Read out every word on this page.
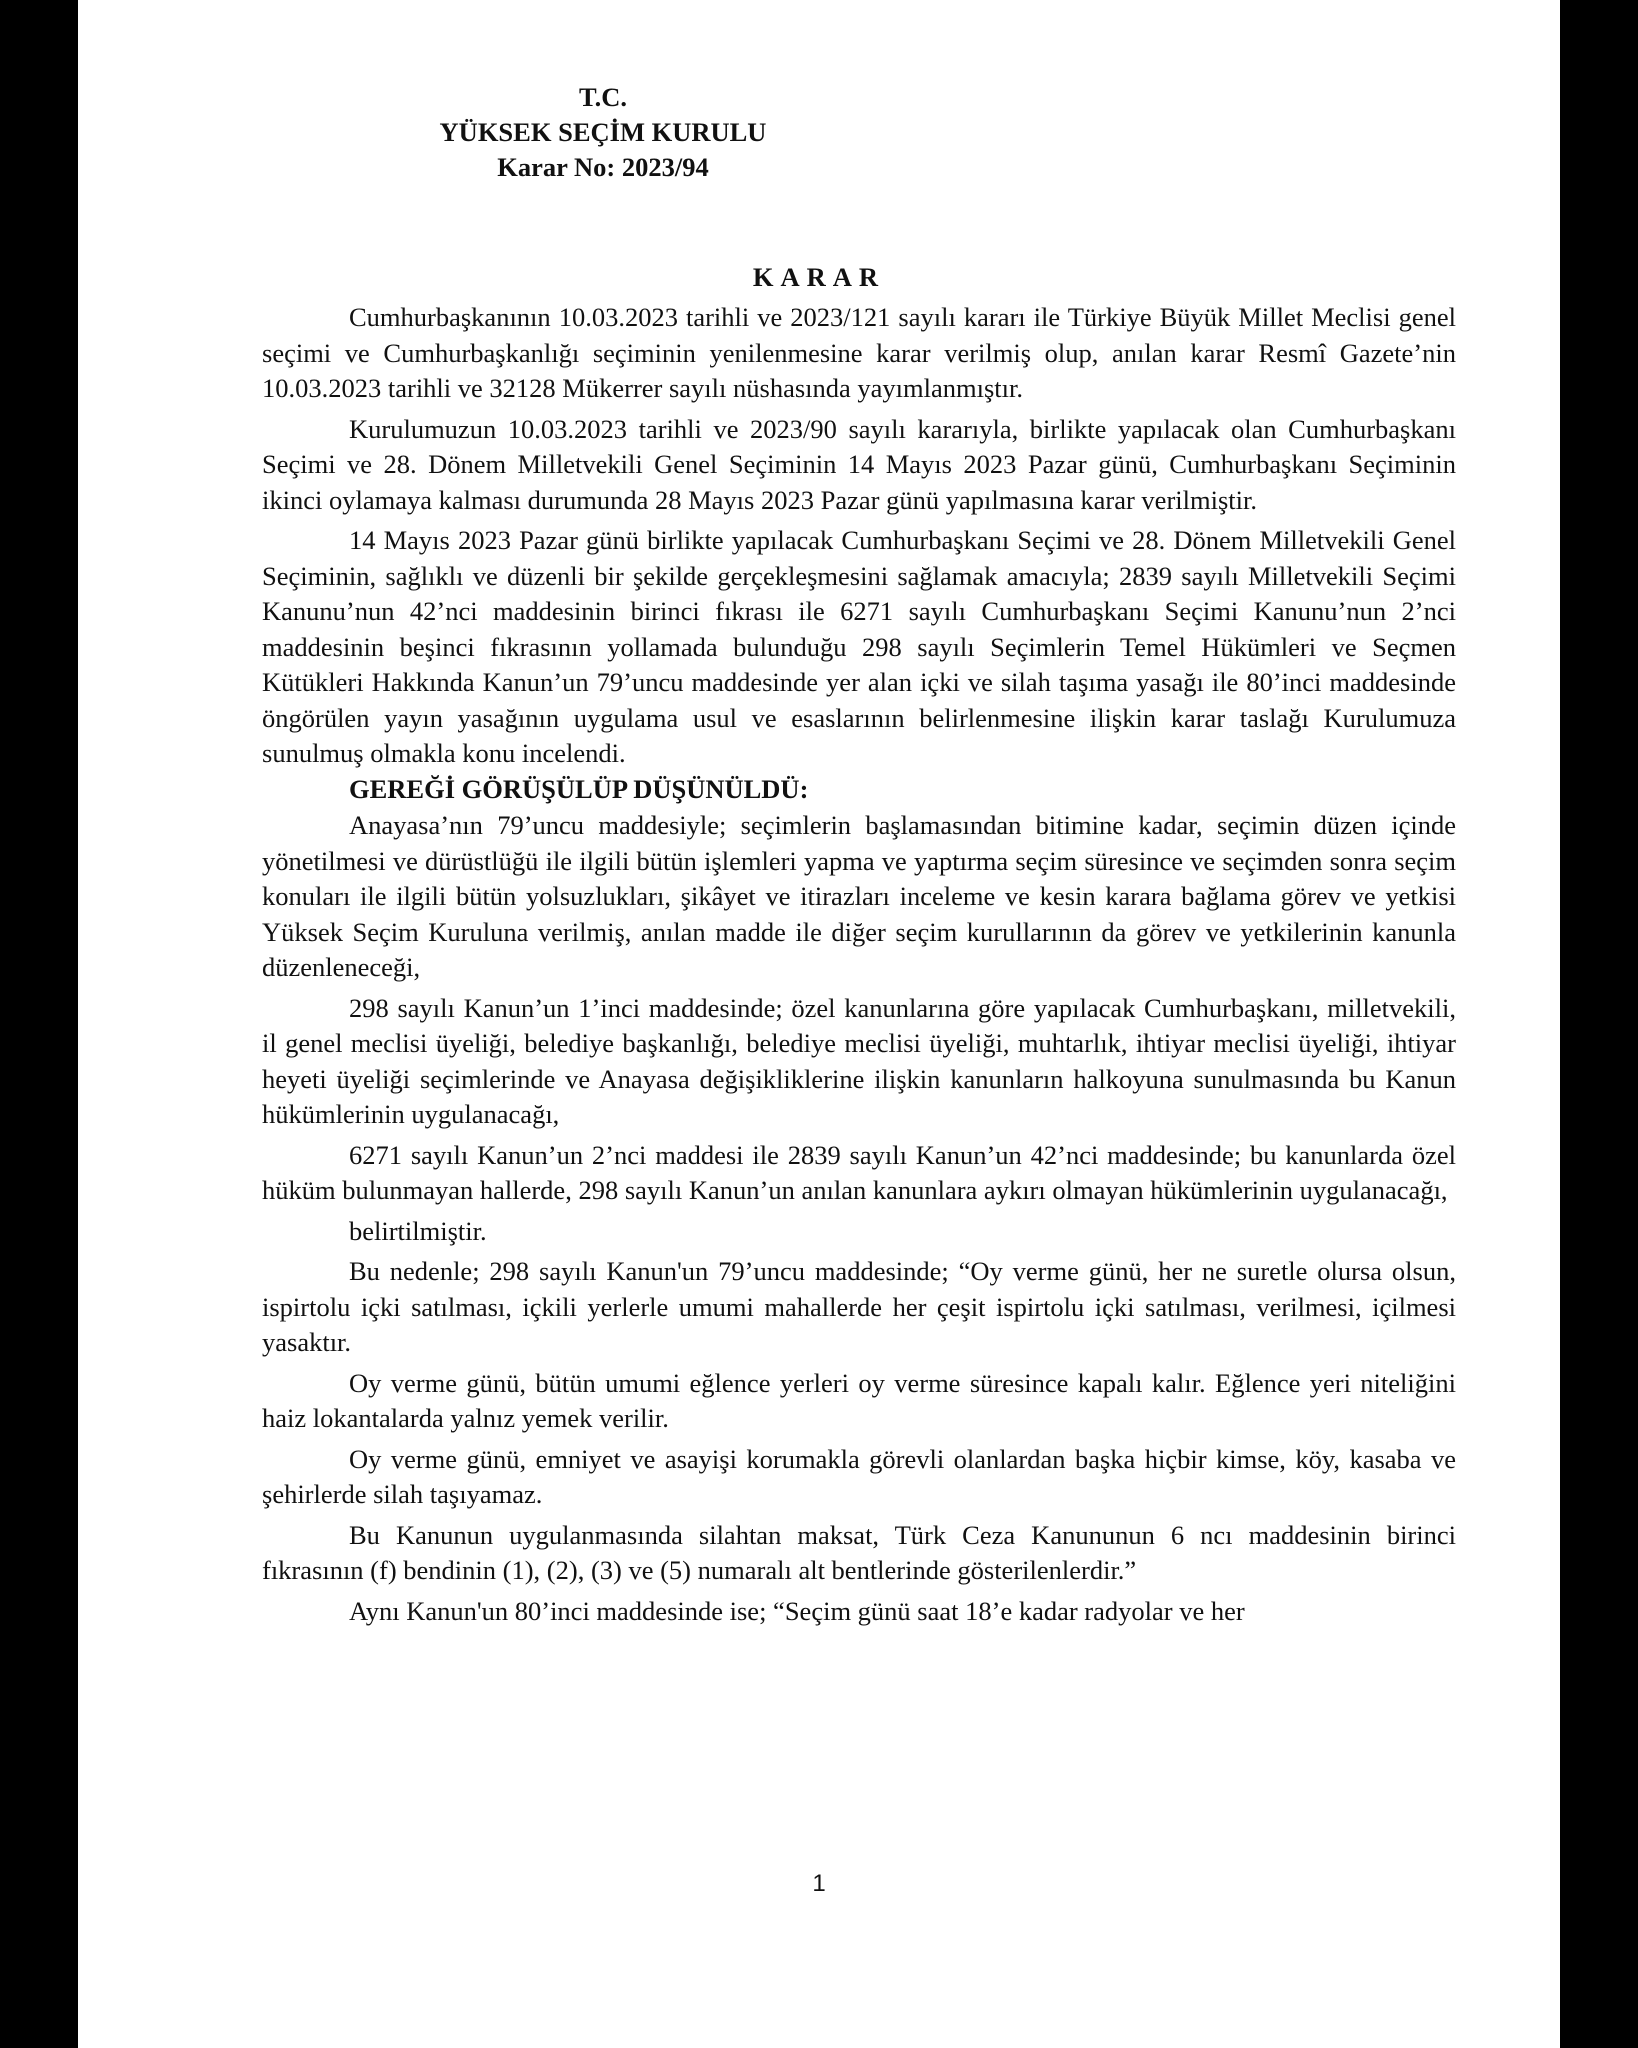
T.C.
YÜKSEK SEÇİM KURULU
Karar No: 2023/94
KARAR

Cumhurbaşkanının 10.03.2023 tarihli ve 2023/121 sayılı kararı ile Türkiye Büyük Millet Meclisi genel seçimi ve Cumhurbaşkanlığı seçiminin yenilenmesine karar verilmiş olup, anılan karar Resmî Gazete’nin 10.03.2023 tarihli ve 32128 Mükerrer sayılı nüshasında yayımlanmıştır.

Kurulumuzun 10.03.2023 tarihli ve 2023/90 sayılı kararıyla, birlikte yapılacak olan Cumhurbaşkanı Seçimi ve 28. Dönem Milletvekili Genel Seçiminin 14 Mayıs 2023 Pazar günü, Cumhurbaşkanı Seçiminin ikinci oylamaya kalması durumunda 28 Mayıs 2023 Pazar günü yapılmasına karar verilmiştir.

14 Mayıs 2023 Pazar günü birlikte yapılacak Cumhurbaşkanı Seçimi ve 28. Dönem Milletvekili Genel Seçiminin, sağlıklı ve düzenli bir şekilde gerçekleşmesini sağlamak amacıyla; 2839 sayılı Milletvekili Seçimi Kanunu’nun 42’nci maddesinin birinci fıkrası ile 6271 sayılı Cumhurbaşkanı Seçimi Kanunu’nun 2’nci maddesinin beşinci fıkrasının yollamada bulunduğu 298 sayılı Seçimlerin Temel Hükümleri ve Seçmen Kütükleri Hakkında Kanun’un 79’uncu maddesinde yer alan içki ve silah taşıma yasağı ile 80’inci maddesinde öngörülen yayın yasağının uygulama usul ve esaslarının belirlenmesine ilişkin karar taslağı Kurulumuza sunulmuş olmakla konu incelendi.

GEREĞİ GÖRÜŞÜLÜP DÜŞÜNÜLDÜ:

Anayasa’nın 79’uncu maddesiyle; seçimlerin başlamasından bitimine kadar, seçimin düzen içinde yönetilmesi ve dürüstlüğü ile ilgili bütün işlemleri yapma ve yaptırma seçim süresince ve seçimden sonra seçim konuları ile ilgili bütün yolsuzlukları, şikâyet ve itirazları inceleme ve kesin karara bağlama görev ve yetkisi Yüksek Seçim Kuruluna verilmiş, anılan madde ile diğer seçim kurullarının da görev ve yetkilerinin kanunla düzenleneceği,

298 sayılı Kanun’un 1’inci maddesinde; özel kanunlarına göre yapılacak Cumhurbaşkanı, milletvekili, il genel meclisi üyeliği, belediye başkanlığı, belediye meclisi üyeliği, muhtarlık, ihtiyar meclisi üyeliği, ihtiyar heyeti üyeliği seçimlerinde ve Anayasa değişikliklerine ilişkin kanunların halkoyuna sunulmasında bu Kanun hükümlerinin uygulanacağı,

6271 sayılı Kanun’un 2’nci maddesi ile 2839 sayılı Kanun’un 42’nci maddesinde; bu kanunlarda özel hüküm bulunmayan hallerde, 298 sayılı Kanun’un anılan kanunlara aykırı olmayan hükümlerinin uygulanacağı,

belirtilmiştir.

Bu nedenle; 298 sayılı Kanun'un 79’uncu maddesinde; “Oy verme günü, her ne suretle olursa olsun, ispirtolu içki satılması, içkili yerlerle umumi mahallerde her çeşit ispirtolu içki satılması, verilmesi, içilmesi yasaktır.

Oy verme günü, bütün umumi eğlence yerleri oy verme süresince kapalı kalır. Eğlence yeri niteliğini haiz lokantalarda yalnız yemek verilir.

Oy verme günü, emniyet ve asayişi korumakla görevli olanlardan başka hiçbir kimse, köy, kasaba ve şehirlerde silah taşıyamaz.

Bu Kanunun uygulanmasında silahtan maksat, Türk Ceza Kanununun 6 ncı maddesinin birinci fıkrasının (f) bendinin (1), (2), (3) ve (5) numaralı alt bentlerinde gösterilenlerdir.”

Aynı Kanun'un 80’inci maddesinde ise; “Seçim günü saat 18’e kadar radyolar ve her

1
